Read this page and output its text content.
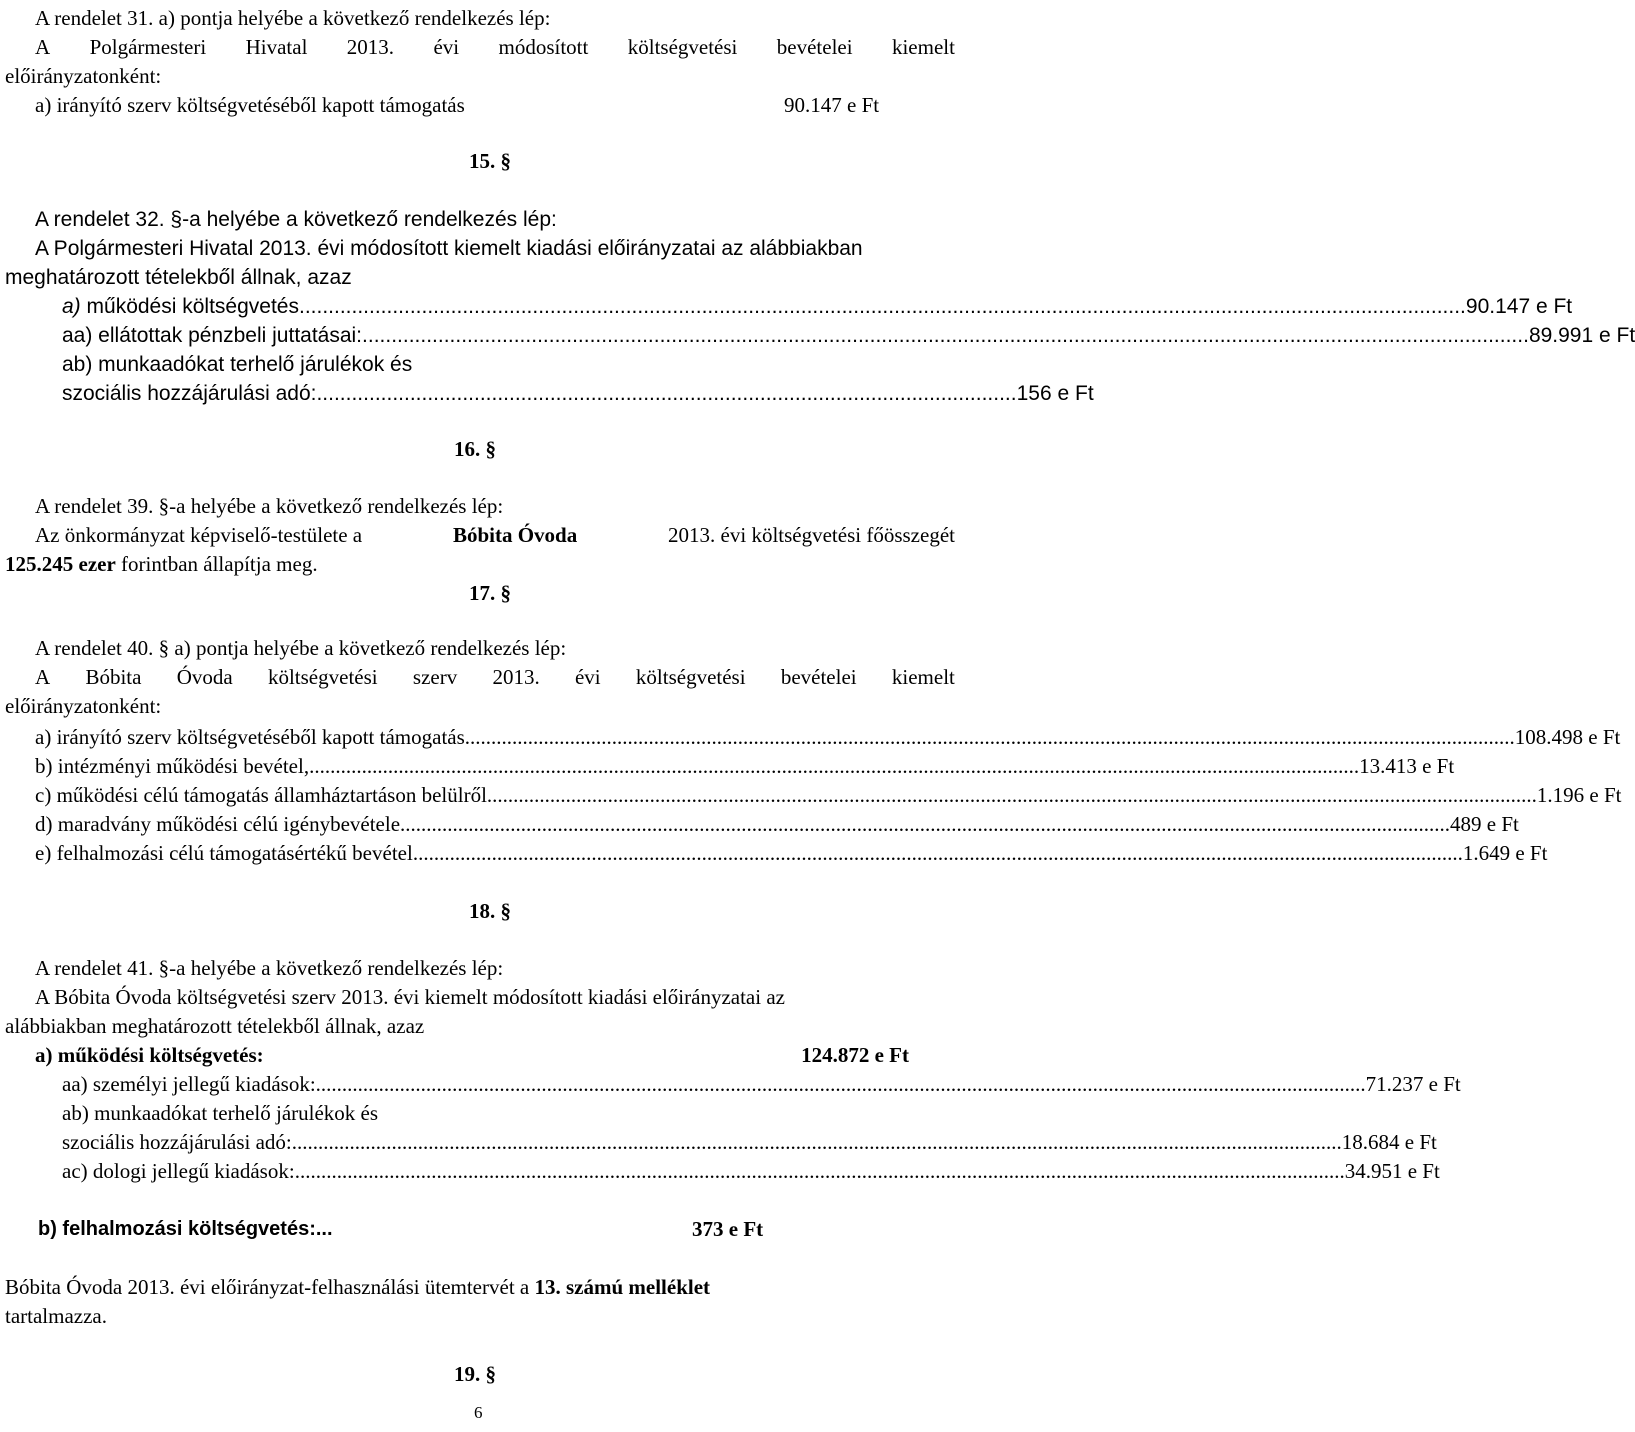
A rendelet 31. a) pontja helyébe a következő rendelkezés lép:
A Polgármesteri Hivatal 2013. évi módosított költségvetési bevételei kiemelt
előirányzatonként:
a) irányító szerv költségvetéséből kapott támogatás	90.147 e Ft
15. §
A rendelet 32. §-a helyébe a következő rendelkezés lép:
A Polgármesteri Hivatal 2013. évi módosított kiemelt kiadási előirányzatai az alábbiakban
meghatározott tételekből állnak, azaz
a)
működési költségvetés .....	90.147 e Ft
aa) ellátottak pénzbeli juttatásai: .....	89.991 e Ft
ab) munkaadókat terhelő járulékok és
szociális hozzájárulási adó: ........................................................................................................................ 156 e Ft
16. §
A rendelet 39. §-a helyébe a következő rendelkezés lép:
Az önkormányzat képviselő-testülete a	Bóbita Óvoda	2013. évi költségvetési főösszegét
125.245 ezer forintban állapítja meg.
17. §
A rendelet 40. § a) pontja helyébe a következő rendelkezés lép:
A Bóbita Óvoda költségvetési szerv 2013. évi költségvetési bevételei kiemelt
előirányzatonként:
a) irányító szerv költségvetéséből kapott támogatás .....	108.498 e Ft
b) intézményi működési bevétel, .....	13.413 e Ft
c) működési célú támogatás államháztartáson belülről .....	1.196 e Ft
d) maradvány működési célú igénybevétele .....	489 e Ft
e) felhalmozási célú támogatásértékű bevétel .....	1.649 e Ft
18. §
A rendelet 41. §-a helyébe a következő rendelkezés lép:
A Bóbita Óvoda költségvetési szerv 2013. évi kiemelt módosított kiadási előirányzatai az
alábbiakban meghatározott tételekből állnak, azaz
a) működési költségvetés:	124.872 e Ft
aa) személyi jellegű kiadások: .....	71.237 e Ft
ab) munkaadókat terhelő járulékok és
szociális hozzájárulási adó: .....	18.684 e Ft
ac) dologi jellegű kiadások: .....	34.951 e Ft
b) felhalmozási költségvetés:...	373 e Ft
Bóbita Óvoda 2013. évi előirányzat-felhasználási ütemtervét a 13. számú melléklet
tartalmazza.
19. §
6
